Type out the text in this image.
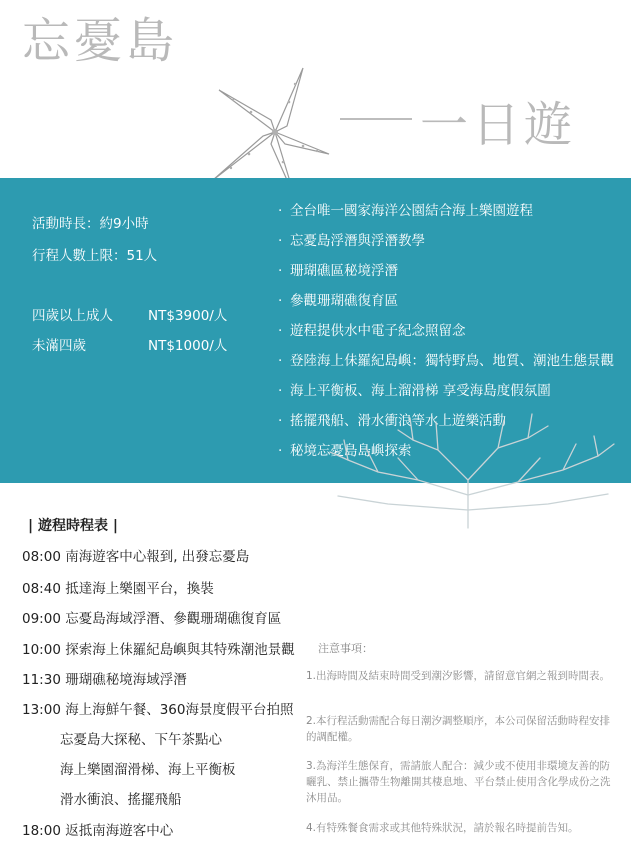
忘憂島
一日遊
活動時長：約9小時
行程人數上限：51人
四歲以上成人	NT$3900/人
未滿四歲	NT$1000/人
· 全台唯一國家海洋公園結合海上樂園遊程
· 忘憂島浮潛與浮潛教學
· 珊瑚礁區秘境浮潛
· 參觀珊瑚礁復育區
· 遊程提供水中電子紀念照留念
· 登陸海上佅羅紀島嶼：獨特野鳥、地質、潮池生態景觀
· 海上平衡板、海上溜滑梯 享受海島度假氛圍
· 搖擺飛船、滑水衝浪等水上遊樂活動
· 秘境忘憂島島嶼探索
| 遊程時程表 |
08:00 南海遊客中心報到, 出發忘憂島
08:40 抵達海上樂園平台，換裝
09:00 忘憂島海域浮潛、參觀珊瑚礁復育區
10:00 探索海上佅羅紀島嶼與其特殊潮池景觀
11:30 珊瑚礁秘境海域浮潛
13:00 海上海鮮午餐、360海景度假平台拍照
忘憂島大探秘、下午茶點心
海上樂園溜滑梯、海上平衡板
滑水衝浪、搖擺飛船
18:00 返抵南海遊客中心
注意事項：
1.出海時間及結束時間受到潮汐影響，請留意官網之報到時間表。
2.本行程活動需配合每日潮汐調整順序，本公司保留活動時程安排的調配權。
3.為海洋生態保育，需請旅人配合：減少或不使用非環境友善的防曬乳、禁止攜帶生物離開其棲息地、平台禁止使用含化學成份之洗沐用品。
4.有特殊餐食需求或其他特殊狀況，請於報名時提前告知。
